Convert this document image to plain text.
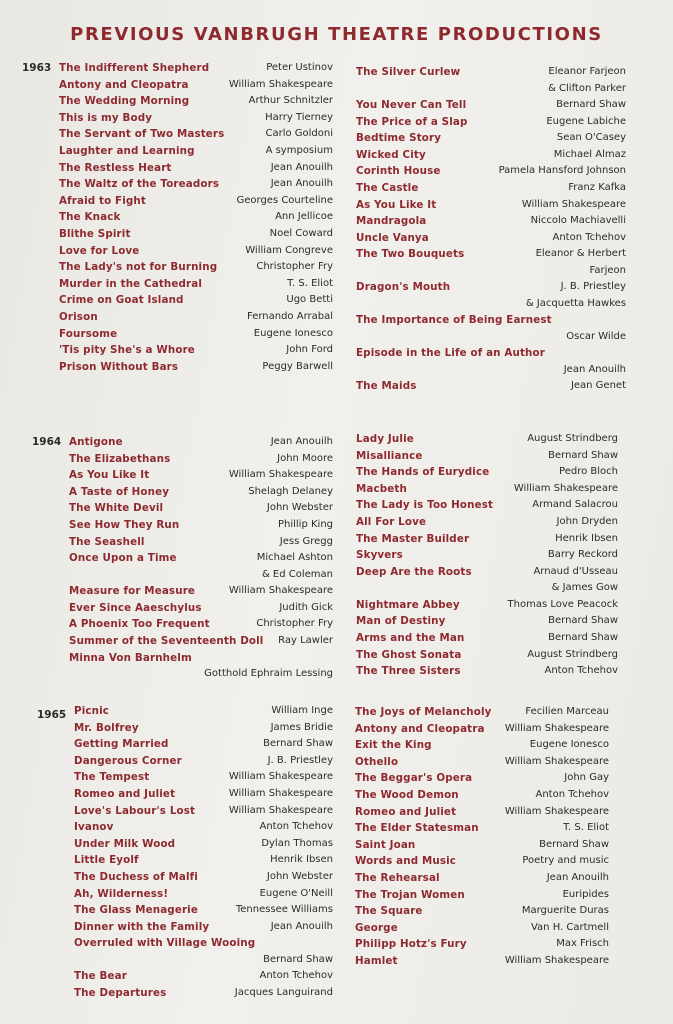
PREVIOUS VANBRUGH THEATRE PRODUCTIONS
1963 The Indifferent Shepherd	Peter Ustinov
Antony and Cleopatra	William Shakespeare
The Wedding Morning	Arthur Schnitzler
This is my Body	Harry Tierney
The Servant of Two Masters	Carlo Goldoni
Laughter and Learning	A symposium
The Restless Heart	Jean Anouilh
The Waltz of the Toreadors	Jean Anouilh
Afraid to Fight	Georges Courteline
The Knack	Ann Jellicoe
Blithe Spirit	Noel Coward
Love for Love	William Congreve
The Lady's not for Burning	Christopher Fry
Murder in the Cathedral	T. S. Eliot
Crime on Goat Island	Ugo Betti
Orison	Fernando Arrabal
Foursome	Eugene Ionesco
'Tis pity She's a Whore	John Ford
Prison Without Bars	Peggy Barwell
The Silver Curlew	Eleanor Farjeon
& Clifton Parker
You Never Can Tell	Bernard Shaw
The Price of a Slap	Eugene Labiche
Bedtime Story	Sean O'Casey
Wicked City	Michael Almaz
Corinth House	Pamela Hansford Johnson
The Castle	Franz Kafka
As You Like It	William Shakespeare
Mandragola	Niccolo Machiavelli
Uncle Vanya	Anton Tchehov
The Two Bouquets	Eleanor & Herbert
Farjeon
Dragon's Mouth	J. B. Priestley
& Jacquetta Hawkes
The Importance of Being Earnest
Oscar Wilde
Episode in the Life of an Author
Jean Anouilh
The Maids	Jean Genet
1964 Antigone	Jean Anouilh
The Elizabethans	John Moore
As You Like It	William Shakespeare
A Taste of Honey	Shelagh Delaney
The White Devil	John Webster
See How They Run	Phillip King
The Seashell	Jess Gregg
Once Upon a Time	Michael Ashton
& Ed Coleman
Measure for Measure	William Shakespeare
Ever Since Aaeschylus	Judith Gick
A Phoenix Too Frequent	Christopher Fry
Summer of the Seventeenth Doll Ray Lawler
Minna Von Barnhelm
Gotthold Ephraim Lessing
Lady Julie	August Strindberg
Misalliance	Bernard Shaw
The Hands of Eurydice	Pedro Bloch
Macbeth	William Shakespeare
The Lady is Too Honest	Armand Salacrou
All For Love	John Dryden
The Master Builder	Henrik Ibsen
Skyvers	Barry Reckord
Deep Are the Roots	Arnaud d'Usseau
& James Gow
Nightmare Abbey	Thomas Love Peacock
Man of Destiny	Bernard Shaw
Arms and the Man	Bernard Shaw
The Ghost Sonata	August Strindberg
The Three Sisters	Anton Tchehov
1965 Picnic	William Inge
Mr. Bolfrey	James Bridie
Getting Married	Bernard Shaw
Dangerous Corner	J. B. Priestley
The Tempest	William Shakespeare
Romeo and Juliet	William Shakespeare
Love's Labour's Lost	William Shakespeare
Ivanov	Anton Tchehov
Under Milk Wood	Dylan Thomas
Little Eyolf	Henrik Ibsen
The Duchess of Malfi	John Webster
Ah, Wilderness!	Eugene O'Neill
The Glass Menagerie	Tennessee Williams
Dinner with the Family	Jean Anouilh
Overruled with Village Wooing
Bernard Shaw
The Bear	Anton Tchehov
The Departures	Jacques Languirand
The Joys of Melancholy	Fecilien Marceau
Antony and Cleopatra William Shakespeare
Exit the King	Eugene Ionesco
Othello	William Shakespeare
The Beggar's Opera	John Gay
The Wood Demon	Anton Tchehov
Romeo and Juliet	William Shakespeare
The Elder Statesman	T. S. Eliot
Saint Joan	Bernard Shaw
Words and Music	Poetry and music
The Rehearsal	Jean Anouilh
The Trojan Women	Euripides
The Square	Marguerite Duras
George	Van H. Cartmell
Philipp Hotz's Fury	Max Frisch
Hamlet	William Shakespeare
